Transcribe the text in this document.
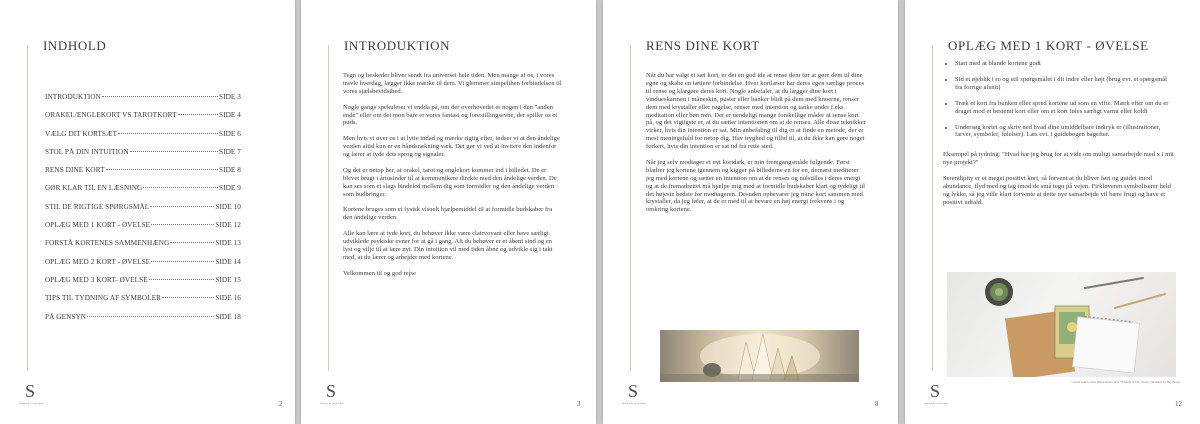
INDHOLD
INTRODUKTION	SIDE 3
ORAKEL/ENGLEKORT VS TAROTKORT	SIDE 4
VÆLG DIT KORTSÆT	SIDE 6
STOL PÅ DIN INTUITION	SIDE 7
RENS DINE KORT	SIDE 8
GØR KLAR TIL EN LÆSNING	SIDE 9
STIL DE RIGTIGE SPØRGSMÅL	SIDE 10
OPLÆG MED 1 KORT - ØVELSE	SIDE 12
FORSTÅ KORTENES SAMMENHÆNG	SIDE 13
OPLÆG MED 2 KORT - ØVELSE	SIDE 14
OPLÆG MED 3 KORT- ØVELSE	SIDE 15
TIPS TIL TYDNING AF SYMBOLER	SIDE 16
PÅ GENSYN	SIDE 18
S
Spirituelle fællesskab	2
INTRODUKTION

Tegn og beskeder bliver sendt fra universet hele tiden. Men mange af os, i vores travle hverdag, lægger ikke mærke til dem. Vi glemmer simpelthen forbindelsen til vores sjælsbevidsthed.

Nogle gange spekulerer vi endda på, om der overhovedet er nogen i den "anden ende" eller om det mon bare er vores fantasi og forestillingsevne, der spiller os et puds.

Men hvis vi øver os i at lytte indad og mærke rigtig efter, indser vi at den åndelige verden altid kun er en håndsrækning væk. Det gør vi ved at invitere den indenfor og lærer at tyde dets sprog og signaler.

Og det er netop her, at orakel, tarot og englekort kommer ind i billedet. De er blevet brugt i årtusinder til at kommunikere direkte med den åndelige verden. De kan ses som et slags bindeled mellem dig som formidler og den åndelige verden som budbringer.

Kortene bruges som et fysisk visuelt hjælpemiddel til at formidle budskaber fra den åndelige verden.

Alle kan lære at tyde kort, du behøver ikke være clairvoyant eller have særligt udviklede psykiske evner for at gå i gang. Alt du behøver er et åbent sind og en lyst og vilje til at lære nyt. Din intuition vil med tiden åbne og udvikle sig i takt med, at du lærer og arbejder med kortene.

Velkommen til og god rejse

S
Spirituelle fællesskab	3
RENS DINE KORT

Når du har valgt et sæt kort, er det en god ide at rense dem før at gøre dem til dine egne og skabe en tættere forbindelse. Hver kortlæser har deres egen særlige proces til rense og klargøre deres kort. Nogle anbefaler, at du lægger dine kort i vindueskarmen i måneskin, puster eller banker blidt på dem med knoerne, renser dem med krystaller eller røgelse, renser med intention og tanke under f.eks meditation eller bøn mm. Der er uendeligt mange forskellige måder at rense kort på, og det vigtigste er, at du sætter intentionen om at de renses. Alle disse teknikker virker, hvis din intention er sat. Min anbefaling til dig er at finde en metode, der er mest meningsfuld for netop dig. Hav tryghed og tillid til, at du ikke kan gøre noget forkert, hvis din intention er sat ud fra rette sted.

Når jeg selv modtager et nyt kortdæk, er min fremgangsmåde følgende. Først bladrer jeg kortene igennem og kigger på billederne en for en, dernæst mediterer jeg med kortene og sætter en intention om at de renses og nulstilles i deres energi og at de fremadrettet må hjælpe mig med at formidle budskaber klart og tydeligt til det højeste bedste for modtageren. Desuden opbevarer jeg mine kort sammen med krystaller, da jeg føler, at de er med til at bevare en høj energi frekvens i og omkring kortene.

S
Spirituelle fællesskab	8
OPLÆG MED 1 KORT - ØVELSE
• Start med at blande kortene godt
• Sid et øjeblik i ro og stil spørgsmålet i dit indre eller højt (brug evt. et spørgsmål fra forrige afsnit)
• Træk et kort fra bunken eller spred kortene ud som en vifte. Mærk efter om du er draget mod et bestemt kort eller om et kort føles særligt varmt eller koldt
• Undersøg kortet og skriv ned hvad dine umiddelbare indtryk er (illustrationer, farver, symboler, følelser). Læs evt. i guidebogen bagefter.

Eksempel på tydning: "Hvad har jeg brug for at vide om muligt samarbejde med x i mit nye projekt?"

Serendipity er et meget positivt kort, så forvent at du bliver ført og guidet imod abundance, flyd med og tag imod de små tegn på vejen. Firkløveren symboliserer held og lykke, så jeg ville klart forvente at dette nye samarbejde vil bære frugt og have et positivt udfald.

Card is from Colette Baron-Reid's deck "Wisdom of The Oracle" published by Hay House
S
Spirituelle fællesskab	12
